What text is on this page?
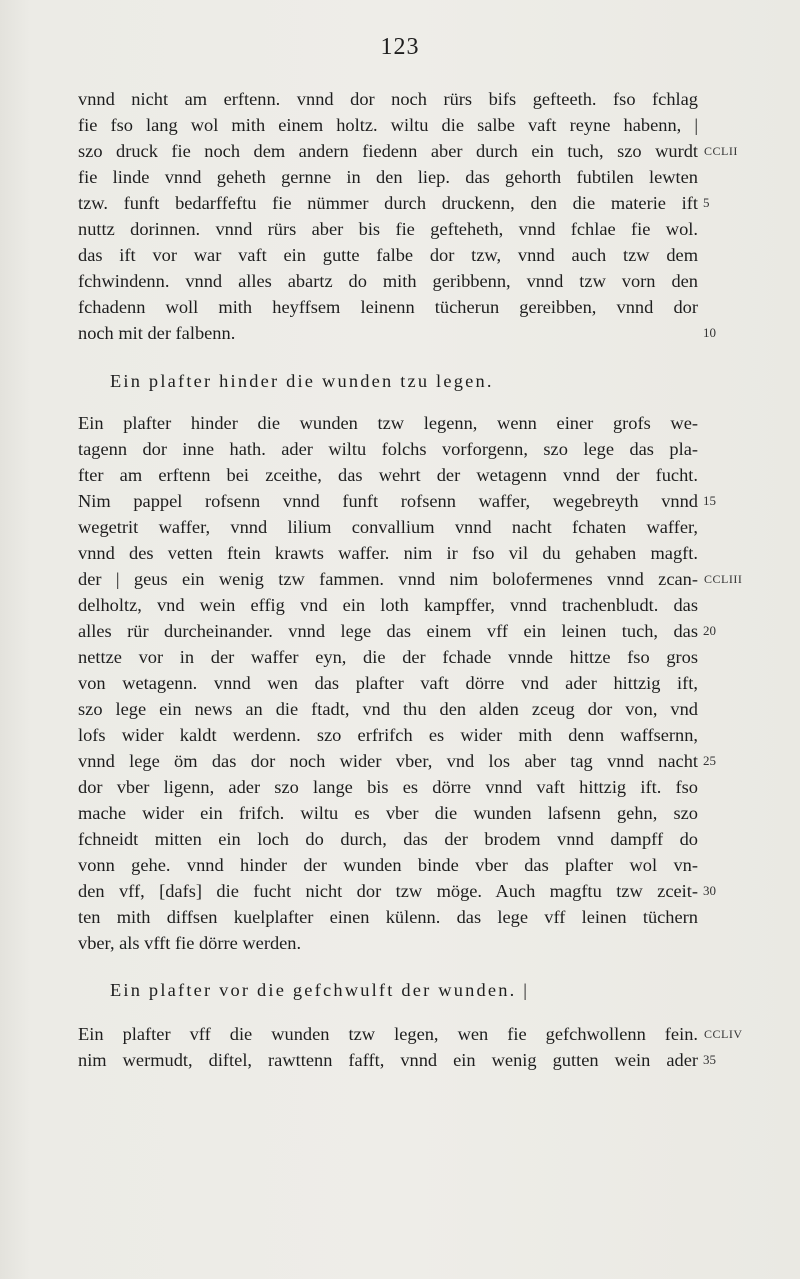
123
vnnd nicht am erftenn. vnnd dor noch rürs bifs gefteeth. fso fchlag
fie fso lang wol mith einem holtz. wiltu die salbe vaft reyne habenn, |
szo druck fie noch dem andern fiedenn aber durch ein tuch, szo wurdt
fie linde vnnd geheth gernne in den liep. das gehorth fubtilen lewten
tzw. funft bedarffeftu fie nümmer durch druckenn, den die materie ift
nuttz dorinnen. vnnd rürs aber bis fie gefteheth, vnnd fchlae fie wol.
das ift vor war vaft ein gutte falbe dor tzw, vnnd auch tzw dem
fchwindenn. vnnd alles abartz do mith geribbenn, vnnd tzw vorn den
fchadenn woll mith heyffsem leinenn tücherun gereibben, vnnd dor
noch mit der falbenn.
Ein plafter hinder die wunden tzu legen.
Ein plafter hinder die wunden tzw legenn, wenn einer grofs we-
tagenn dor inne hath. ader wiltu folchs vorforgenn, szo lege das pla-
fter am erftenn bei zceithe, das wehrt der wetagenn vnnd der fucht.
Nim pappel rofsenn vnnd funft rofsenn waffer, wegebreyth vnnd
wegetrit waffer, vnnd lilium convallium vnnd nacht fchaten waffer,
vnnd des vetten ftein krawts waffer. nim ir fso vil du gehaben magft.
der | geus ein wenig tzw fammen. vnnd nim bolofermenes vnnd zcan-
delholtz, vnd wein effig vnd ein loth kampffer, vnnd trachenbludt. das
alles rür durcheinander. vnnd lege das einem vff ein leinen tuch, das
nettze vor in der waffer eyn, die der fchade vnnde hittze fso gros
von wetagenn. vnnd wen das plafter vaft dörre vnd ader hittzig ift,
szo lege ein news an die ftadt, vnd thu den alden zceug dor von, vnd
lofs wider kaldt werdenn. szo erfrifch es wider mith denn waffsernn,
vnnd lege öm das dor noch wider vber, vnd los aber tag vnnd nacht
dor vber ligenn, ader szo lange bis es dörre vnnd vaft hittzig ift. fso
mache wider ein frifch. wiltu es vber die wunden lafsenn gehn, szo
fchneidt mitten ein loch do durch, das der brodem vnnd dampff do
vonn gehe. vnnd hinder der wunden binde vber das plafter wol vn-
den vff, [dafs] die fucht nicht dor tzw möge. Auch magftu tzw zceit-
ten mith diffsen kuelplafter einen külenn. das lege vff leinen tüchern
vber, als vfft fie dörre werden.
Ein plafter vor die gefchwulft der wunden. |
Ein plafter vff die wunden tzw legen, wen fie gefchwollenn fein.
nim wermudt, diftel, rawttenn fafft, vnnd ein wenig gutten wein ader
5
10
15
20
25
30
35
CCLII
CCLIII
CCLIV
